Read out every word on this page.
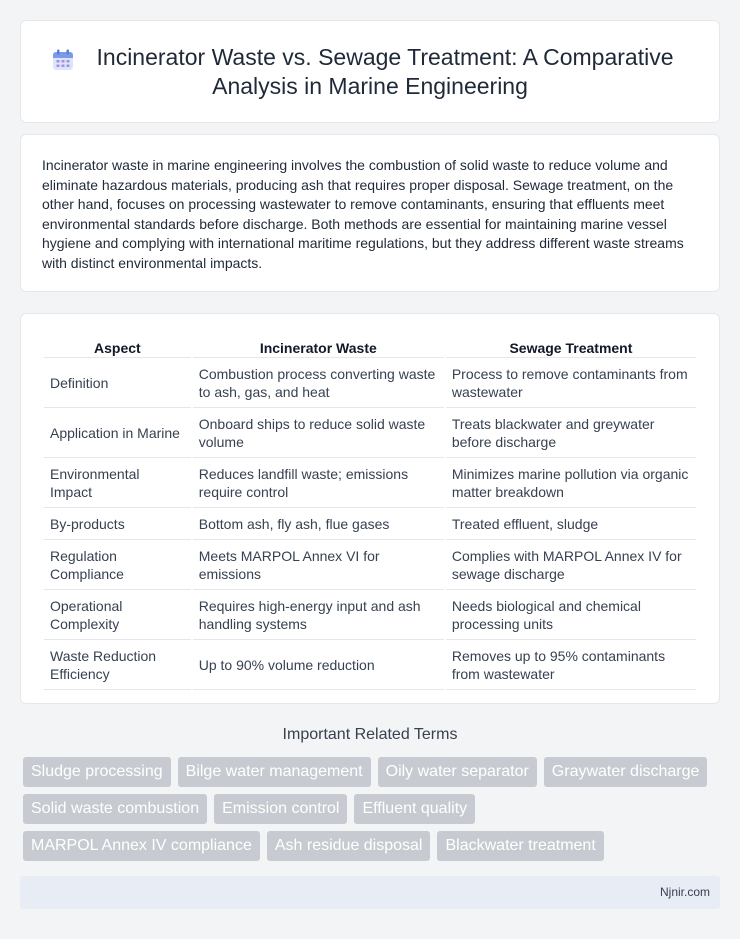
Incinerator Waste vs. Sewage Treatment: A Comparative
Analysis in Marine Engineering

Incinerator waste in marine engineering involves the combustion of solid waste to reduce volume and eliminate hazardous materials, producing ash that requires proper disposal. Sewage treatment, on the other hand, focuses on processing wastewater to remove contaminants, ensuring that effluents meet environmental standards before discharge. Both methods are essential for maintaining marine vessel hygiene and complying with international maritime regulations, but they address different waste streams with distinct environmental impacts.

Aspect	Incinerator Waste	Sewage Treatment
Definition	Combustion process converting waste to ash, gas, and heat	Process to remove contaminants from wastewater
Application in Marine	Onboard ships to reduce solid waste volume	Treats blackwater and greywater before discharge
Environmental Impact	Reduces landfill waste; emissions require control	Minimizes marine pollution via organic matter breakdown
By-products	Bottom ash, fly ash, flue gases	Treated effluent, sludge
Regulation Compliance	Meets MARPOL Annex VI for emissions	Complies with MARPOL Annex IV for sewage discharge
Operational Complexity	Requires high-energy input and ash handling systems	Needs biological and chemical processing units
Waste Reduction Efficiency	Up to 90% volume reduction	Removes up to 95% contaminants from wastewater
Important Related Terms
Sludge processing	Bilge water management	Oily water separator	Graywater discharge
Solid waste combustion	Emission control	Effluent quality
MARPOL Annex IV compliance	Ash residue disposal	Blackwater treatment
Njnir.com
